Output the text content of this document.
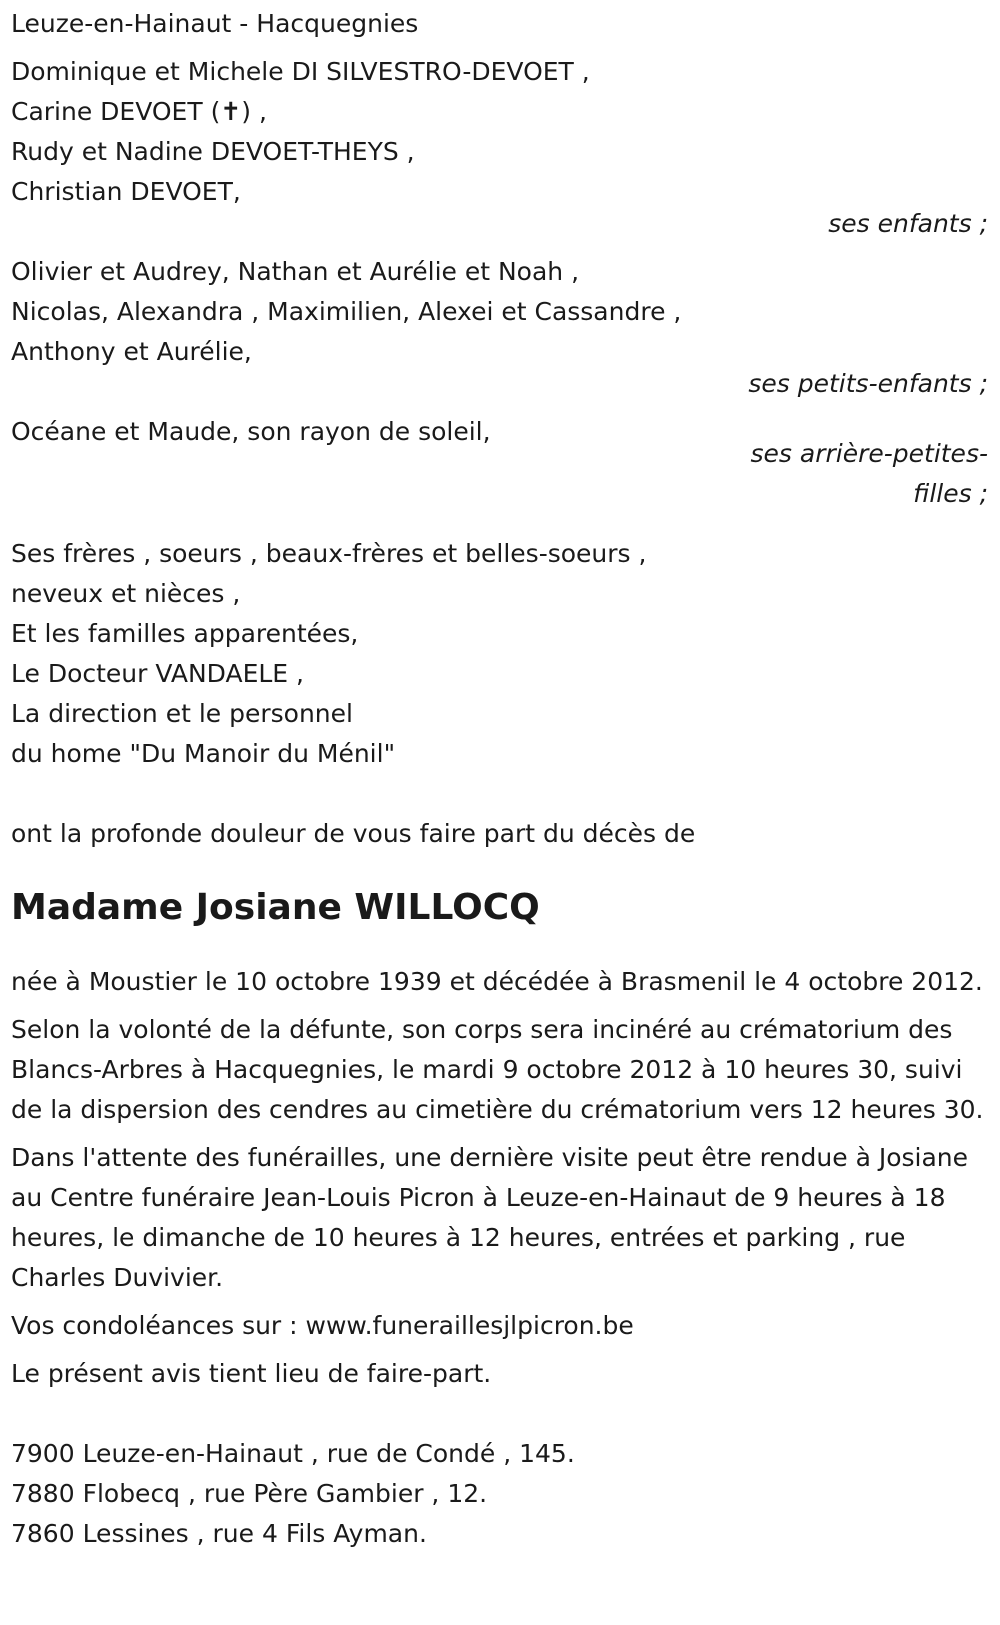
Leuze-en-Hainaut - Hacquegnies
Dominique et Michele DI SILVESTRO-DEVOET ,
Carine DEVOET (✝) ,
Rudy et Nadine DEVOET-THEYS ,
Christian DEVOET,
ses enfants ;
Olivier et Audrey, Nathan et Aurélie et Noah ,
Nicolas, Alexandra , Maximilien, Alexei et Cassandre ,
Anthony et Aurélie,
ses petits-enfants ;
Océane et Maude, son rayon de soleil,
ses arrière-petites-
filles ;
Ses frères , soeurs , beaux-frères et belles-soeurs ,
neveux et nièces ,
Et les familles apparentées,
Le Docteur VANDAELE ,
La direction et le personnel
du home "Du Manoir du Ménil"
ont la profonde douleur de vous faire part du décès de
Madame Josiane WILLOCQ
née à Moustier le 10 octobre 1939 et décédée à Brasmenil le 4 octobre 2012.
Selon la volonté de la défunte, son corps sera incinéré au crématorium des Blancs-Arbres à Hacquegnies, le mardi 9 octobre 2012 à 10 heures 30, suivi de la dispersion des cendres au cimetière du crématorium vers 12 heures 30.
Dans l'attente des funérailles, une dernière visite peut être rendue à Josiane au Centre funéraire Jean-Louis Picron à Leuze-en-Hainaut de 9 heures à 18 heures, le dimanche de 10 heures à 12 heures, entrées et parking , rue Charles Duvivier.
Vos condoléances sur : www.funeraillesjlpicron.be
Le présent avis tient lieu de faire-part.
7900 Leuze-en-Hainaut , rue de Condé , 145.
7880 Flobecq , rue Père Gambier , 12.
7860 Lessines , rue 4 Fils Ayman.
